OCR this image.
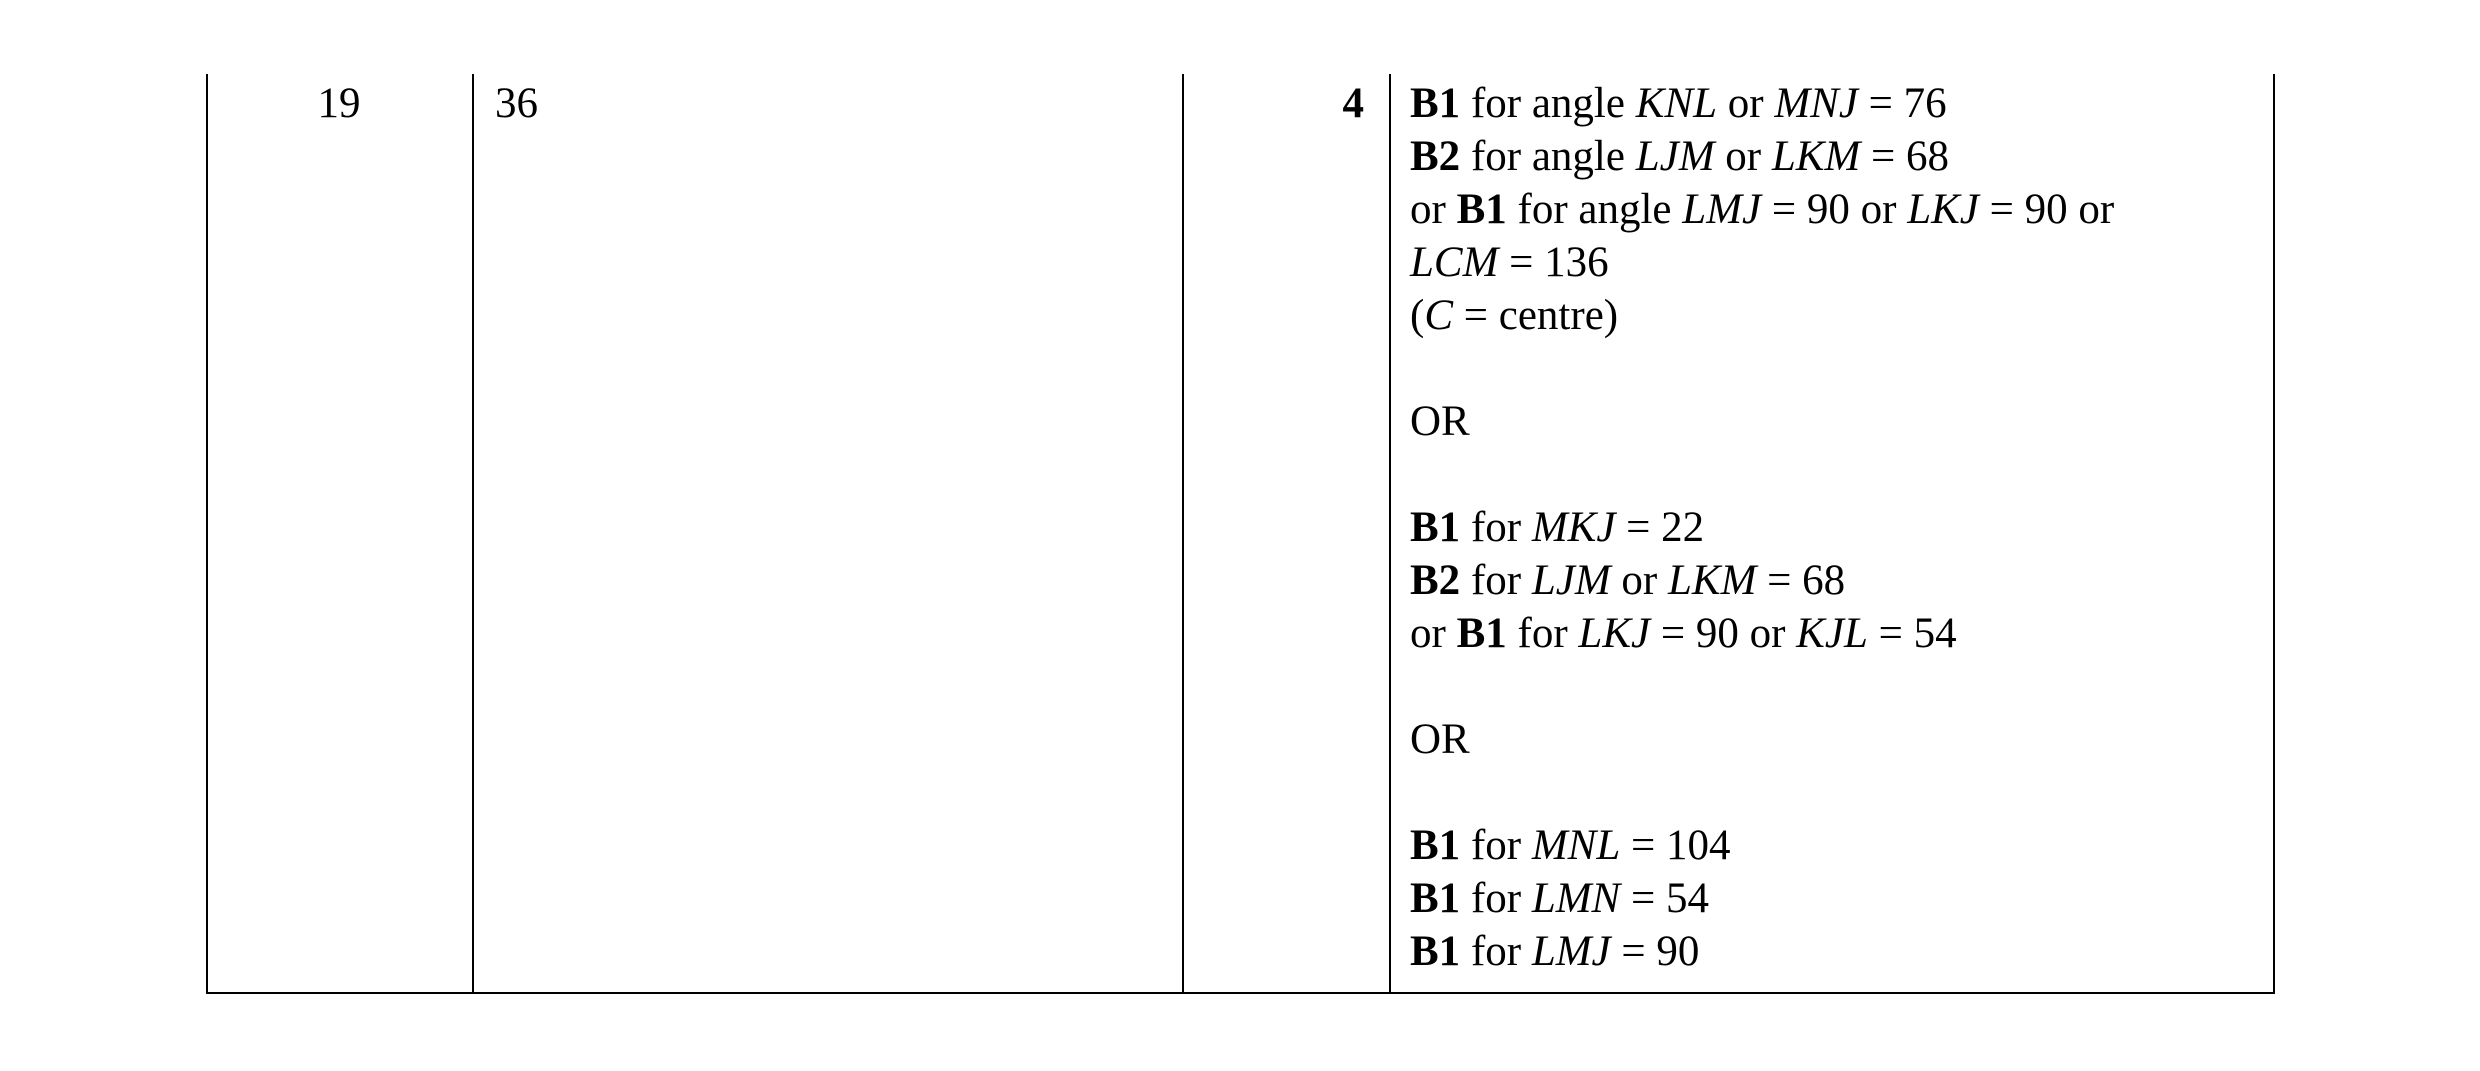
19	36	4 B1 for angle KNL or MNJ = 76
B2 for angle LJM or LKM = 68
or B1 for angle LMJ = 90 or LKJ = 90 or
LCM = 136
(C = centre)
OR
B1 for MKJ = 22
B2 for LJM or LKM = 68
or B1 for LKJ = 90 or KJL = 54
OR
B1 for MNL = 104
B1 for LMN = 54
B1 for LMJ = 90
